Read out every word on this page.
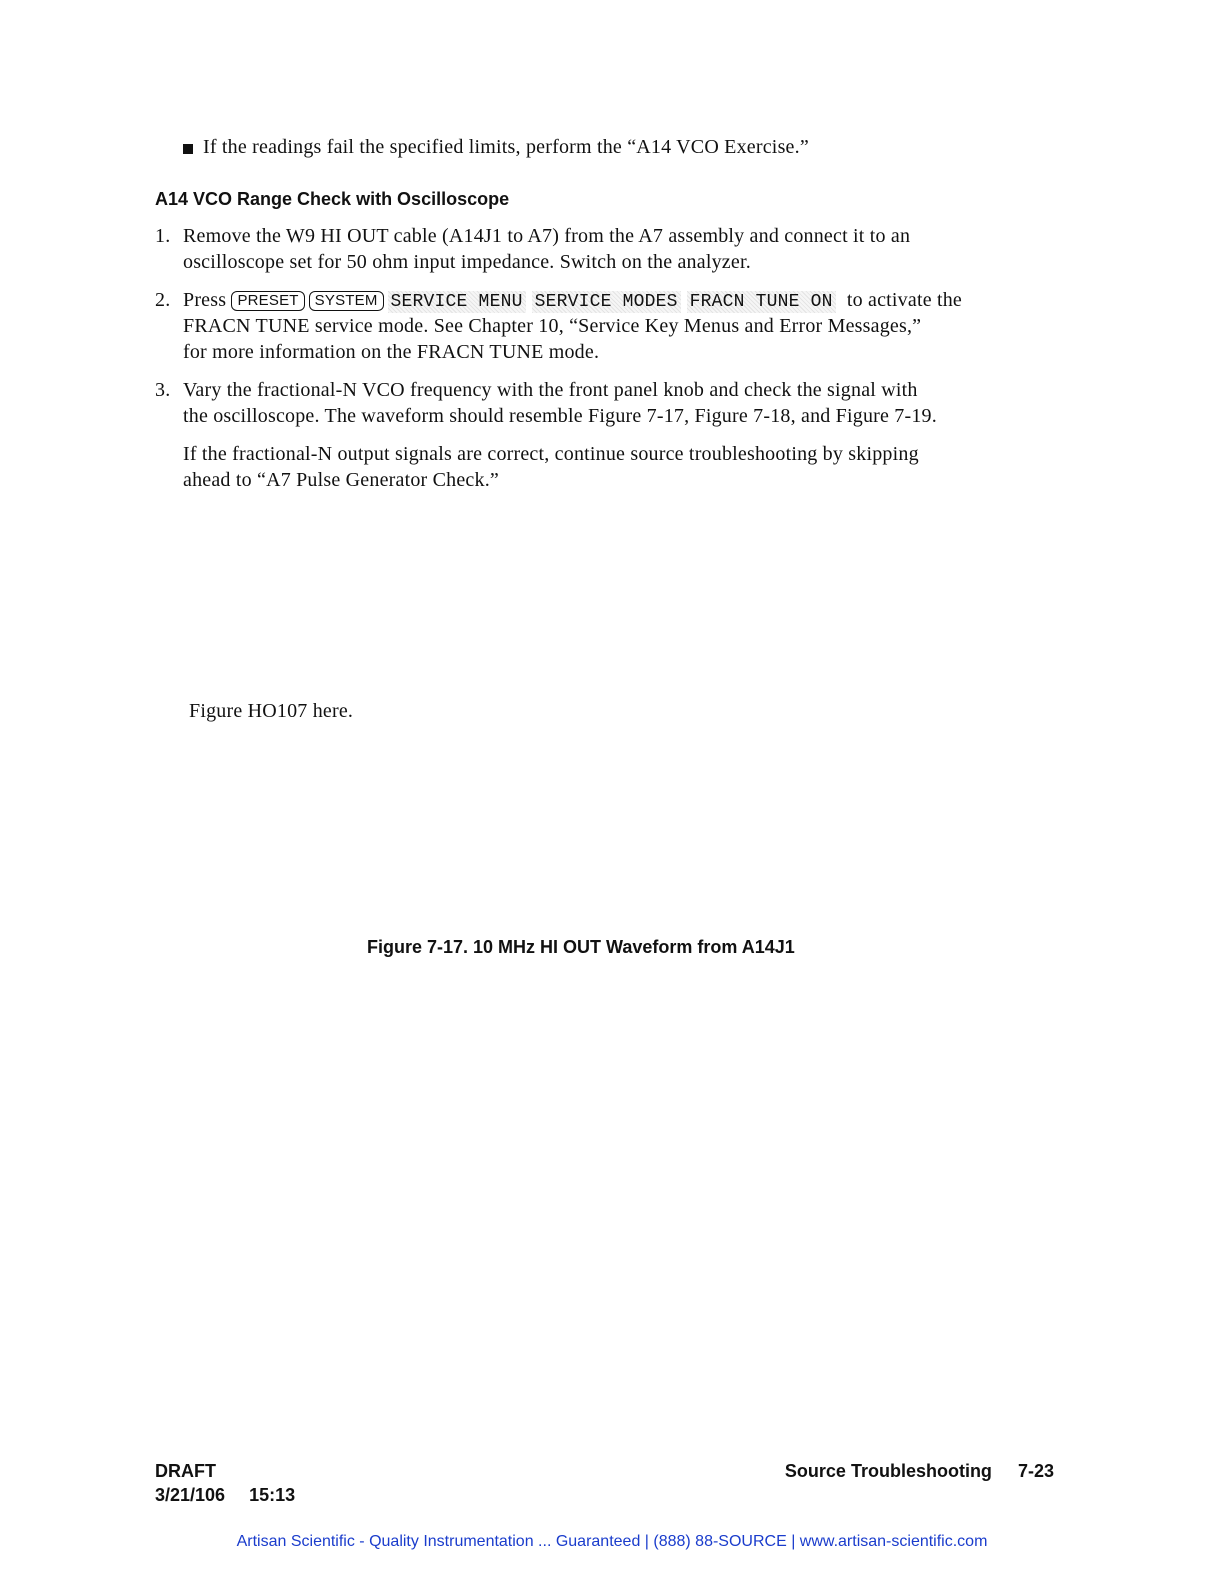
If the readings fail the specified limits, perform the “A14 VCO Exercise.”
A14 VCO Range Check with Oscilloscope
1. Remove the W9 HI OUT cable (A14J1 to A7) from the A7 assembly and connect it to an
oscilloscope set for 50 ohm input impedance. Switch on the analyzer.
2. Press PRESET SYSTEM SERVICE MENU SERVICE MODES FRACN TUNE ON to activate the
FRACN TUNE service mode. See Chapter 10, “Service Key Menus and Error Messages,”
for more information on the FRACN TUNE mode.
3. Vary the fractional-N VCO frequency with the front panel knob and check the signal with
the oscilloscope. The waveform should resemble Figure 7-17, Figure 7-18, and Figure 7-19.
If the fractional-N output signals are correct, continue source troubleshooting by skipping
ahead to “A7 Pulse Generator Check.”
Figure HO107 here.
Figure 7-17. 10 MHz HI OUT Waveform from A14J1
DRAFT
3/21/106 15:13
Source Troubleshooting 7-23
Artisan Scientific - Quality Instrumentation ... Guaranteed | (888) 88-SOURCE | www.artisan-scientific.com
